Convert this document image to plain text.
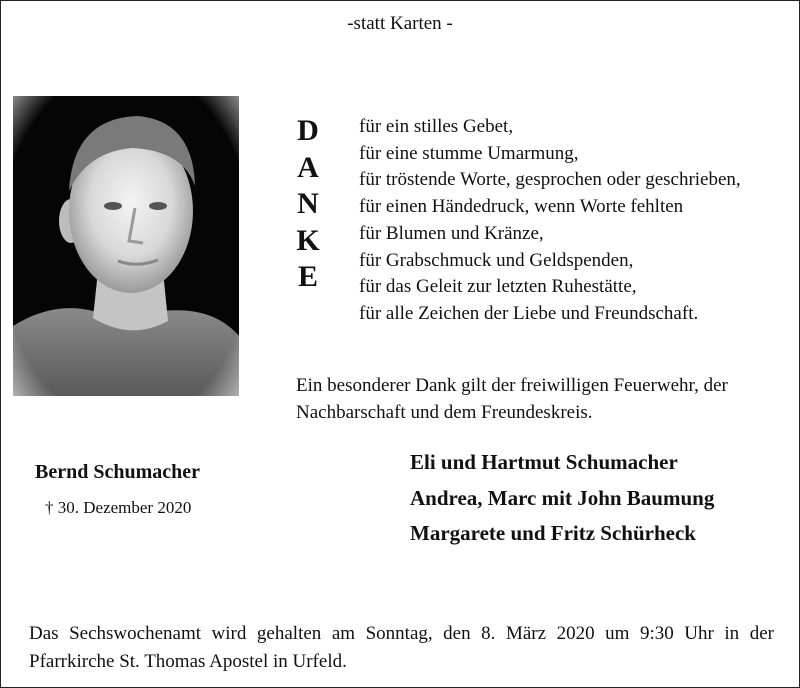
-statt Karten -
Bernd Schumacher
† 30. Dezember 2020
D
A
N
K
E
für ein stilles Gebet,
für eine stumme Umarmung,
für tröstende Worte, gesprochen oder geschrieben,
für einen Händedruck, wenn Worte fehlten
für Blumen und Kränze,
für Grabschmuck und Geldspenden,
für das Geleit zur letzten Ruhestätte,
für alle Zeichen der Liebe und Freundschaft.
Ein besonderer Dank gilt der freiwilligen Feuerwehr, der Nachbarschaft und dem Freundeskreis.
Eli und Hartmut Schumacher
Andrea, Marc mit John Baumung
Margarete und Fritz Schürheck
Das Sechswochenamt wird gehalten am Sonntag, den 8. März 2020 um 9:30 Uhr in der Pfarrkirche St. Thomas Apostel in Urfeld.
